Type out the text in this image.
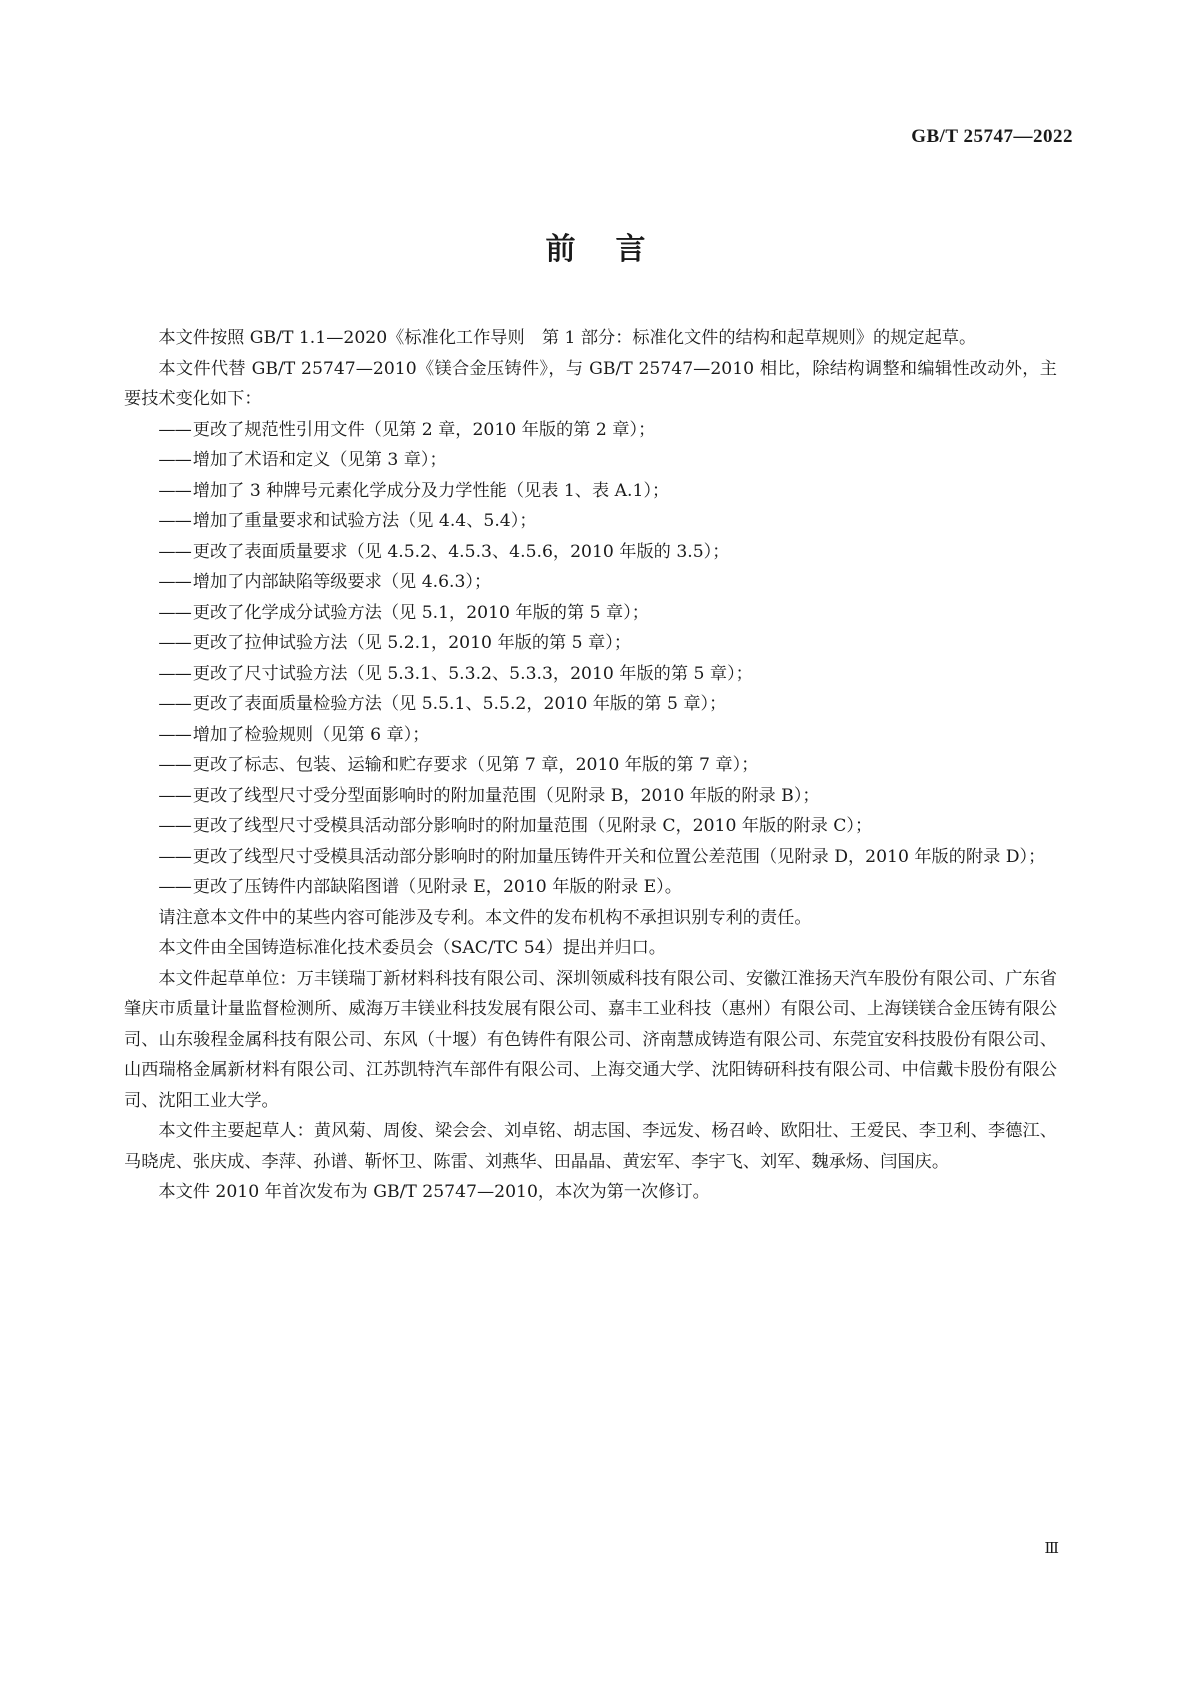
GB/T 25747—2022
前言

本文件按照 GB/T 1.1—2020《标准化工作导则　第 1 部分：标准化文件的结构和起草规则》的规定起草。

本文件代替 GB/T 25747—2010《镁合金压铸件》，与 GB/T 25747—2010 相比，除结构调整和编辑性改动外，主要技术变化如下：

—— 更改了规范性引用文件（见第 2 章，2010 年版的第 2 章）；

—— 增加了术语和定义（见第 3 章）；

—— 增加了 3 种牌号元素化学成分及力学性能（见表 1、表 A.1）；

—— 增加了重量要求和试验方法（见 4.4、5.4）；

—— 更改了表面质量要求（见 4.5.2、4.5.3、4.5.6，2010 年版的 3.5）；

—— 增加了内部缺陷等级要求（见 4.6.3）；

—— 更改了化学成分试验方法（见 5.1，2010 年版的第 5 章）；

—— 更改了拉伸试验方法（见 5.2.1，2010 年版的第 5 章）；

—— 更改了尺寸试验方法（见 5.3.1、5.3.2、5.3.3，2010 年版的第 5 章）；

—— 更改了表面质量检验方法（见 5.5.1、5.5.2，2010 年版的第 5 章）；

—— 增加了检验规则（见第 6 章）；

—— 更改了标志、包装、运输和贮存要求（见第 7 章，2010 年版的第 7 章）；

—— 更改了线型尺寸受分型面影响时的附加量范围（见附录 B，2010 年版的附录 B）；

—— 更改了线型尺寸受模具活动部分影响时的附加量范围（见附录 C，2010 年版的附录 C）；

—— 更改了线型尺寸受模具活动部分影响时的附加量压铸件开关和位置公差范围（见附录 D，2010 年版的附录 D）；

—— 更改了压铸件内部缺陷图谱（见附录 E，2010 年版的附录 E）。

请注意本文件中的某些内容可能涉及专利。本文件的发布机构不承担识别专利的责任。

本文件由全国铸造标准化技术委员会（SAC/TC 54）提出并归口。

本文件起草单位：万丰镁瑞丁新材料科技有限公司、深圳领威科技有限公司、安徽江淮扬天汽车股份有限公司、广东省肇庆市质量计量监督检测所、威海万丰镁业科技发展有限公司、嘉丰工业科技（惠州）有限公司、上海镁镁合金压铸有限公司、山东骏程金属科技有限公司、东风（十堰）有色铸件有限公司、济南慧成铸造有限公司、东莞宜安科技股份有限公司、山西瑞格金属新材料有限公司、江苏凯特汽车部件有限公司、上海交通大学、沈阳铸研科技有限公司、中信戴卡股份有限公司、沈阳工业大学。

本文件主要起草人：黄风菊、周俊、梁会会、刘卓铭、胡志国、李远发、杨召岭、欧阳壮、王爱民、李卫利、李德江、马晓虎、张庆成、李萍、孙谱、靳怀卫、陈雷、刘燕华、田晶晶、黄宏军、李宇飞、刘军、魏承炀、闫国庆。

本文件 2010 年首次发布为 GB/T 25747—2010，本次为第一次修订。

Ⅲ
